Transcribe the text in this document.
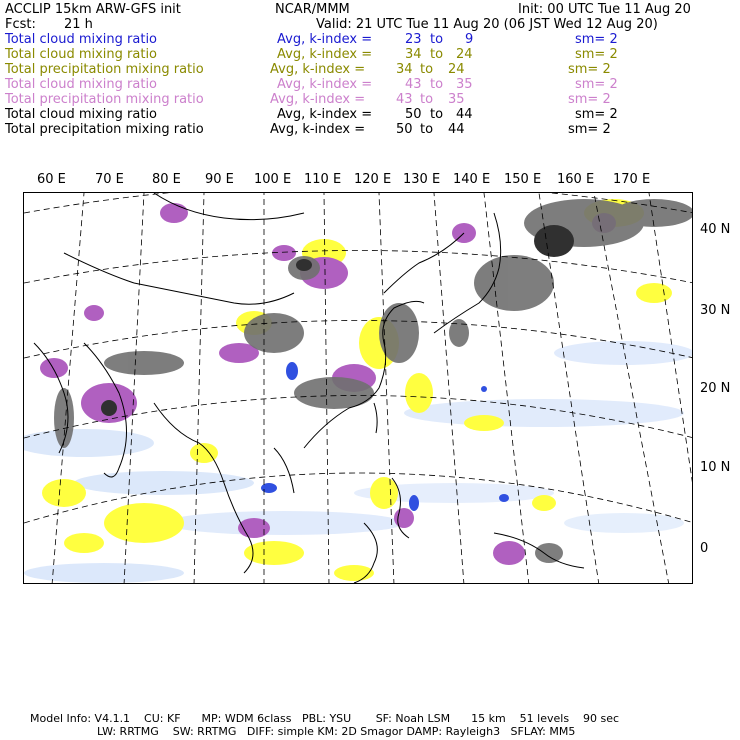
ACCLIP 15km ARW-GFS init	NCAR/MMM	Init: 00 UTC Tue 11 Aug 20
Fcst: 21 h	Valid: 21 UTC Tue 11 Aug 20 (06 JST Wed 12 Aug 20)
Total cloud mixing ratio	Avg, k-index =	23 to 9	sm= 2
Total cloud mixing ratio	Avg, k-index =	34 to 24	sm= 2
Total precipitation mixing ratio	Avg, k-index = 34 to 24	sm= 2
Total cloud mixing ratio	Avg, k-index =	43 to 35	sm= 2
Total precipitation mixing ratio	Avg, k-index = 43 to 35	sm= 2
Total cloud mixing ratio	Avg, k-index =	50 to 44	sm= 2
Total precipitation mixing ratio	Avg, k-index = 50 to 44	sm= 2
60 E 70 E 80 E 90 E 100 E 110 E 120 E 130 E 140 E 150 E 160 E 170 E
40 N
30 N
20 N
10 N
0
Model Info: V4.1.1    CU: KF      MP: WDM 6class   PBL: YSU       SF: Noah LSM      15 km    51 levels    90 sec
LW: RRTMG    SW: RRTMG   DIFF: simple KM: 2D Smagor DAMP: Rayleigh3   SFLAY: MM5
